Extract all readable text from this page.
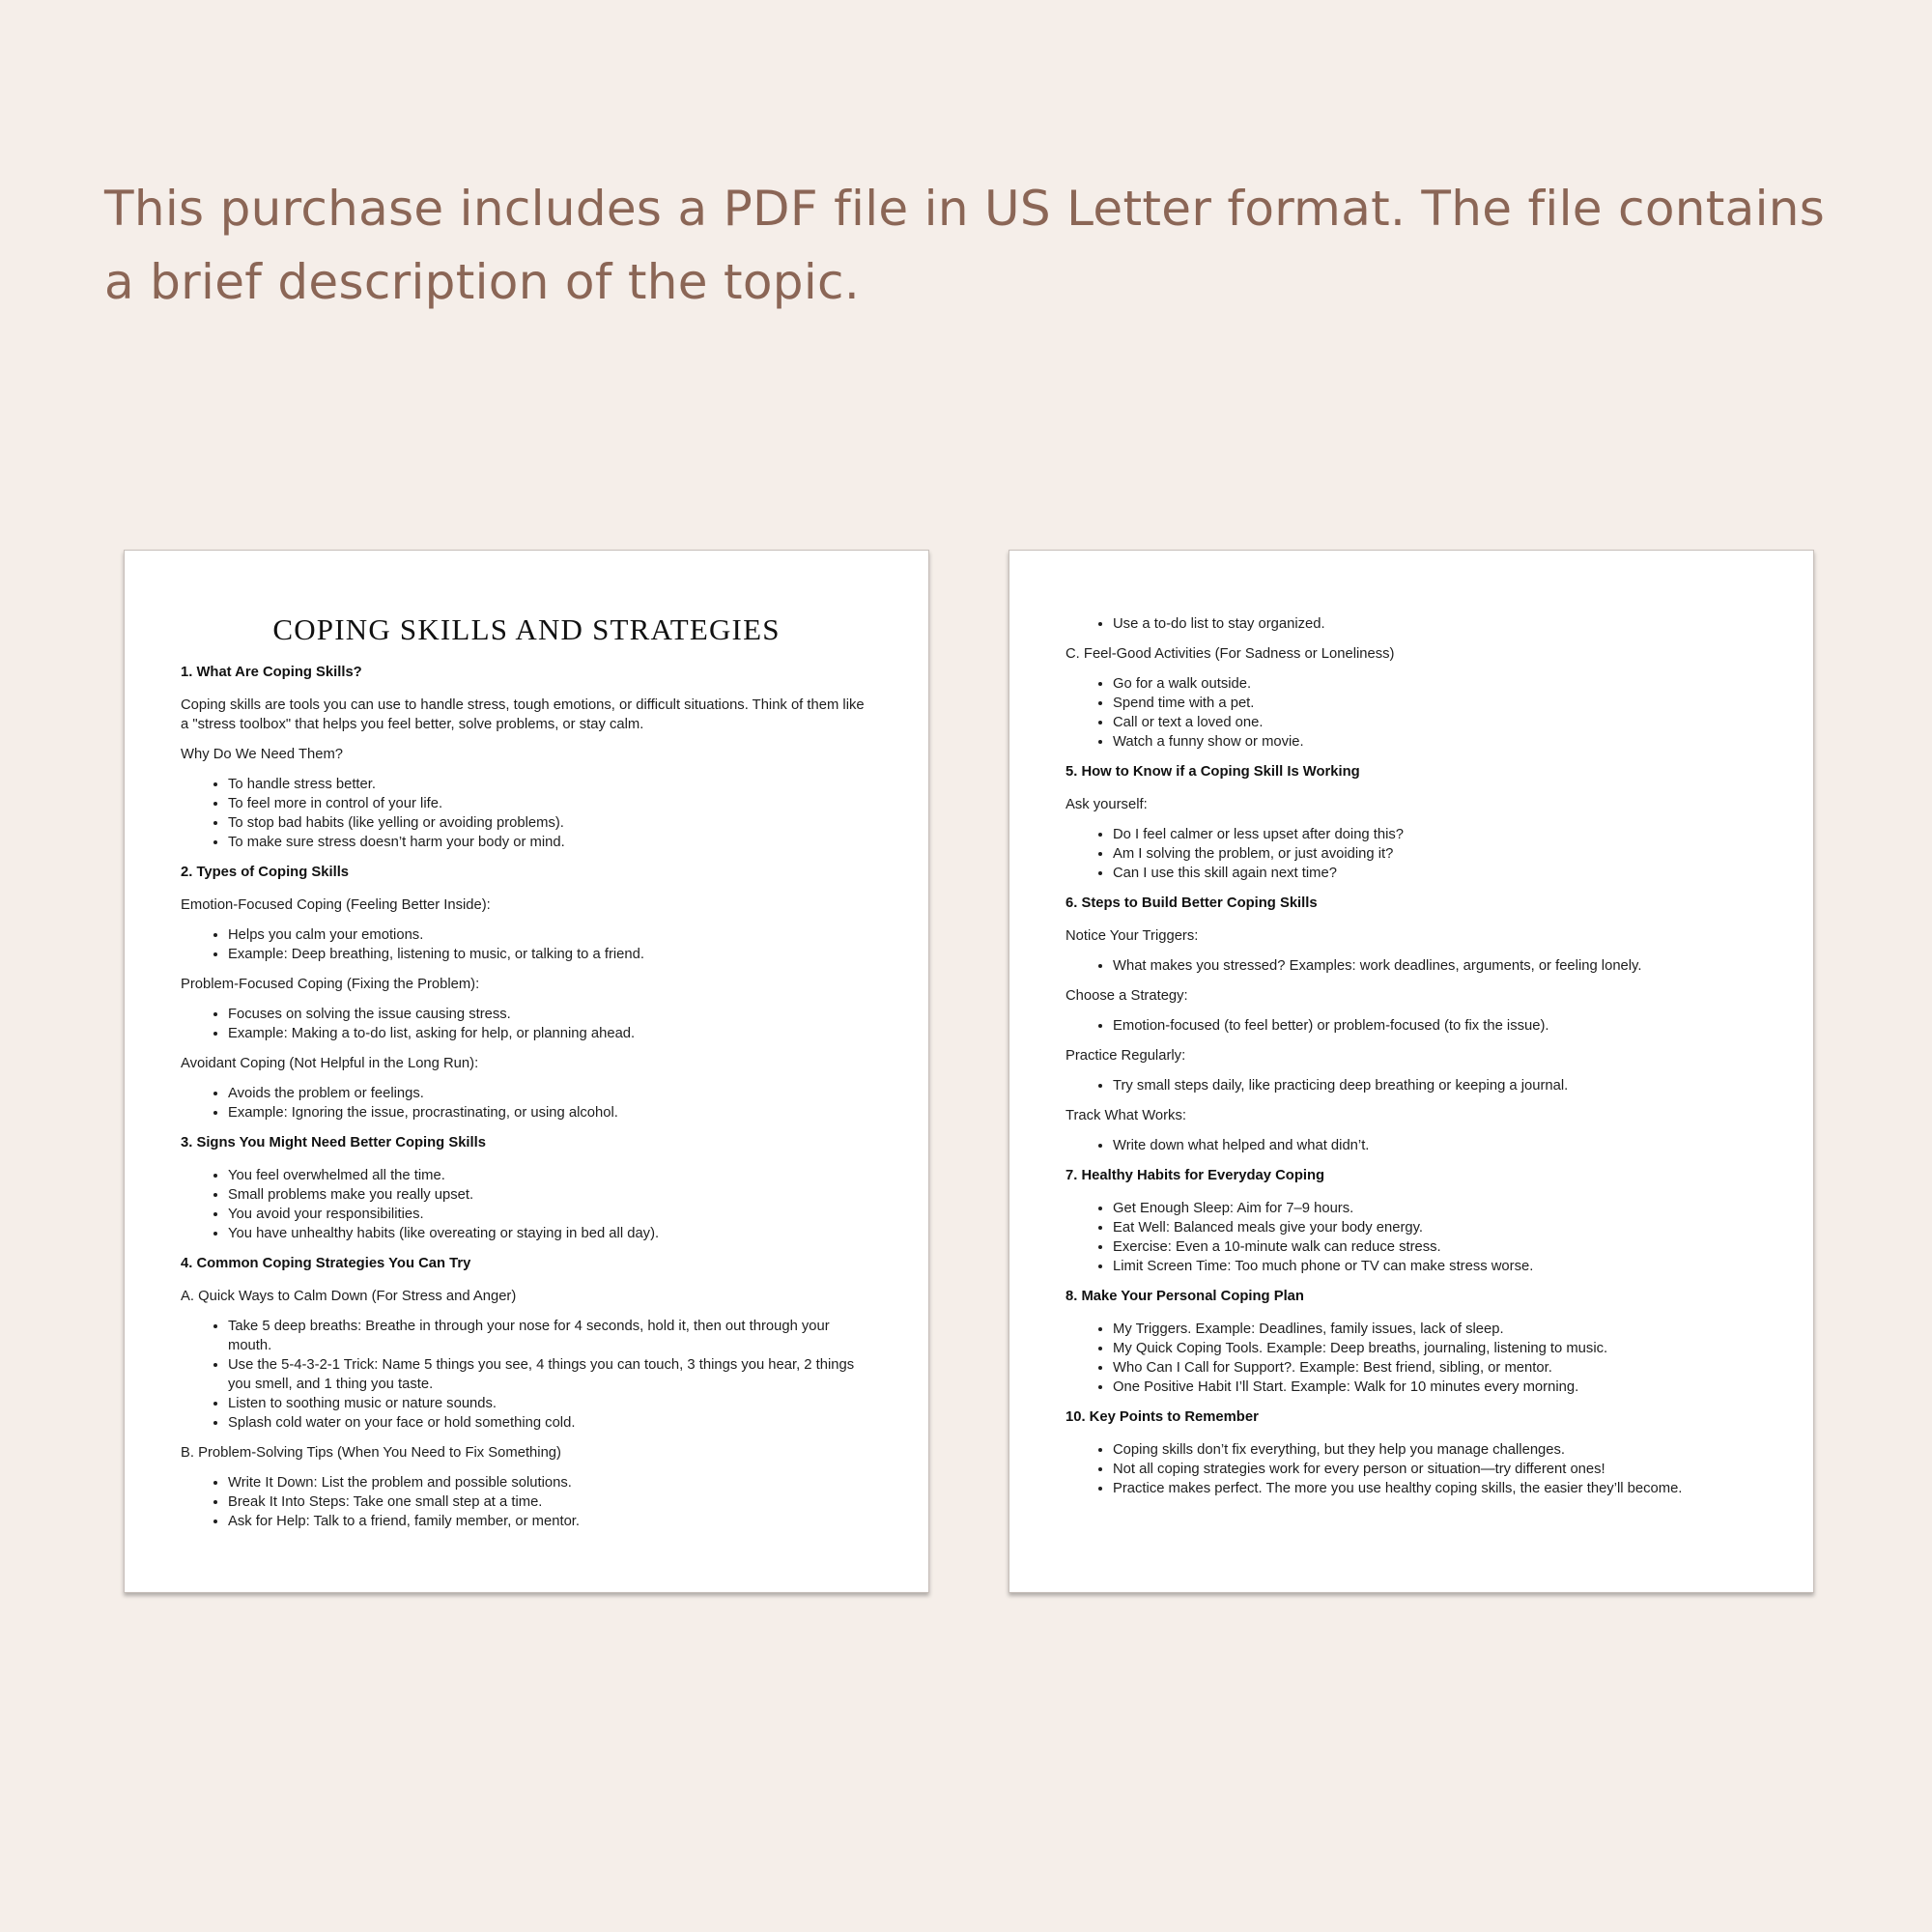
This purchase includes a PDF file in US Letter format. The file contains a brief description of the topic.
COPING SKILLS AND STRATEGIES
1. What Are Coping Skills?
Coping skills are tools you can use to handle stress, tough emotions, or difficult situations. Think of them like a "stress toolbox" that helps you feel better, solve problems, or stay calm.
Why Do We Need Them?
• To handle stress better.
• To feel more in control of your life.
• To stop bad habits (like yelling or avoiding problems).
• To make sure stress doesn’t harm your body or mind.
2. Types of Coping Skills
Emotion-Focused Coping (Feeling Better Inside):
• Helps you calm your emotions.
• Example: Deep breathing, listening to music, or talking to a friend.
Problem-Focused Coping (Fixing the Problem):
• Focuses on solving the issue causing stress.
• Example: Making a to-do list, asking for help, or planning ahead.
Avoidant Coping (Not Helpful in the Long Run):
• Avoids the problem or feelings.
• Example: Ignoring the issue, procrastinating, or using alcohol.
3. Signs You Might Need Better Coping Skills
• You feel overwhelmed all the time.
• Small problems make you really upset.
• You avoid your responsibilities.
• You have unhealthy habits (like overeating or staying in bed all day).
4. Common Coping Strategies You Can Try
A. Quick Ways to Calm Down (For Stress and Anger)
• Take 5 deep breaths: Breathe in through your nose for 4 seconds, hold it, then out through your mouth.
• Use the 5-4-3-2-1 Trick: Name 5 things you see, 4 things you can touch, 3 things you hear, 2 things you smell, and 1 thing you taste.
• Listen to soothing music or nature sounds.
• Splash cold water on your face or hold something cold.
B. Problem-Solving Tips (When You Need to Fix Something)
• Write It Down: List the problem and possible solutions.
• Break It Into Steps: Take one small step at a time.
• Ask for Help: Talk to a friend, family member, or mentor.
• Use a to-do list to stay organized.
C. Feel-Good Activities (For Sadness or Loneliness)
• Go for a walk outside.
• Spend time with a pet.
• Call or text a loved one.
• Watch a funny show or movie.
5. How to Know if a Coping Skill Is Working
Ask yourself:
• Do I feel calmer or less upset after doing this?
• Am I solving the problem, or just avoiding it?
• Can I use this skill again next time?
6. Steps to Build Better Coping Skills
Notice Your Triggers:
• What makes you stressed? Examples: work deadlines, arguments, or feeling lonely.
Choose a Strategy:
• Emotion-focused (to feel better) or problem-focused (to fix the issue).
Practice Regularly:
• Try small steps daily, like practicing deep breathing or keeping a journal.
Track What Works:
• Write down what helped and what didn’t.
7. Healthy Habits for Everyday Coping
• Get Enough Sleep: Aim for 7–9 hours.
• Eat Well: Balanced meals give your body energy.
• Exercise: Even a 10-minute walk can reduce stress.
• Limit Screen Time: Too much phone or TV can make stress worse.
8. Make Your Personal Coping Plan
• My Triggers. Example: Deadlines, family issues, lack of sleep.
• My Quick Coping Tools. Example: Deep breaths, journaling, listening to music.
• Who Can I Call for Support?. Example: Best friend, sibling, or mentor.
• One Positive Habit I’ll Start. Example: Walk for 10 minutes every morning.
10. Key Points to Remember
• Coping skills don’t fix everything, but they help you manage challenges.
• Not all coping strategies work for every person or situation—try different ones!
• Practice makes perfect. The more you use healthy coping skills, the easier they’ll become.
